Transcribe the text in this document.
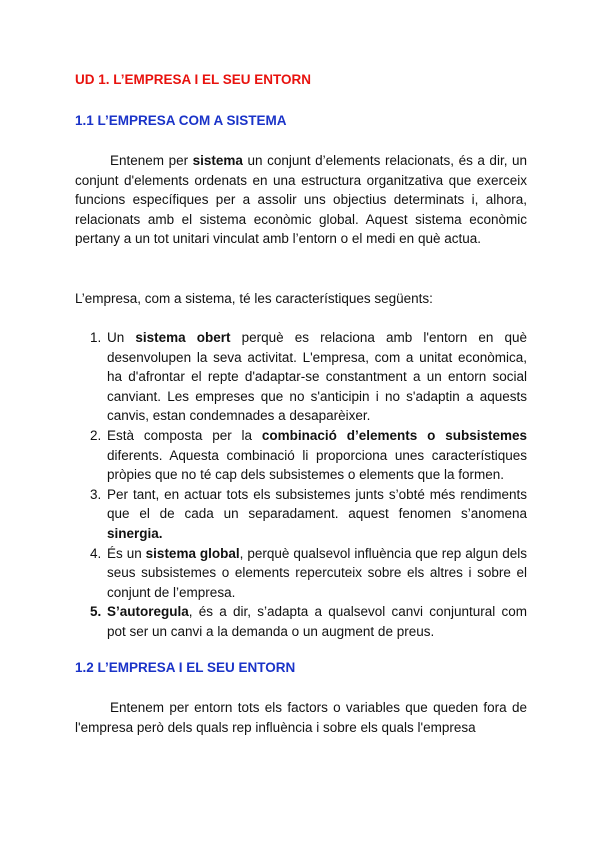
UD 1. L’EMPRESA I EL SEU ENTORN
1.1 L’EMPRESA COM A SISTEMA

Entenem per sistema un conjunt d’elements relacionats, és a dir, un conjunt d'elements ordenats en una estructura organitzativa que exerceix funcions específiques per a assolir uns objectius determinats i, alhora, relacionats amb el sistema econòmic global. Aquest sistema econòmic pertany a un tot unitari vinculat amb l’entorn o el medi en què actua.

L’empresa, com a sistema, té les característiques següents:

1. Un sistema obert perquè es relaciona amb l'entorn en què desenvolupen la seva activitat. L'empresa, com a unitat econòmica, ha d'afrontar el repte d'adaptar-se constantment a un entorn social canviant. Les empreses que no s'anticipin i no s'adaptin a aquests canvis, estan condemnades a desaparèixer.
2. Està composta per la combinació d’elements o subsistemes diferents. Aquesta combinació li proporciona unes característiques pròpies que no té cap dels subsistemes o elements que la formen.
3. Per tant, en actuar tots els subsistemes junts s’obté més rendiments que el de cada un separadament. aquest fenomen s’anomena sinergia.
4. És un sistema global, perquè qualsevol influència que rep algun dels seus subsistemes o elements repercuteix sobre els altres i sobre el conjunt de l’empresa.
5. S’autoregula, és a dir, s’adapta a qualsevol canvi conjuntural com pot ser un canvi a la demanda o un augment de preus.
1.2 L’EMPRESA I EL SEU ENTORN

Entenem per entorn tots els factors o variables que queden fora de l'empresa però dels quals rep influència i sobre els quals l'empresa
